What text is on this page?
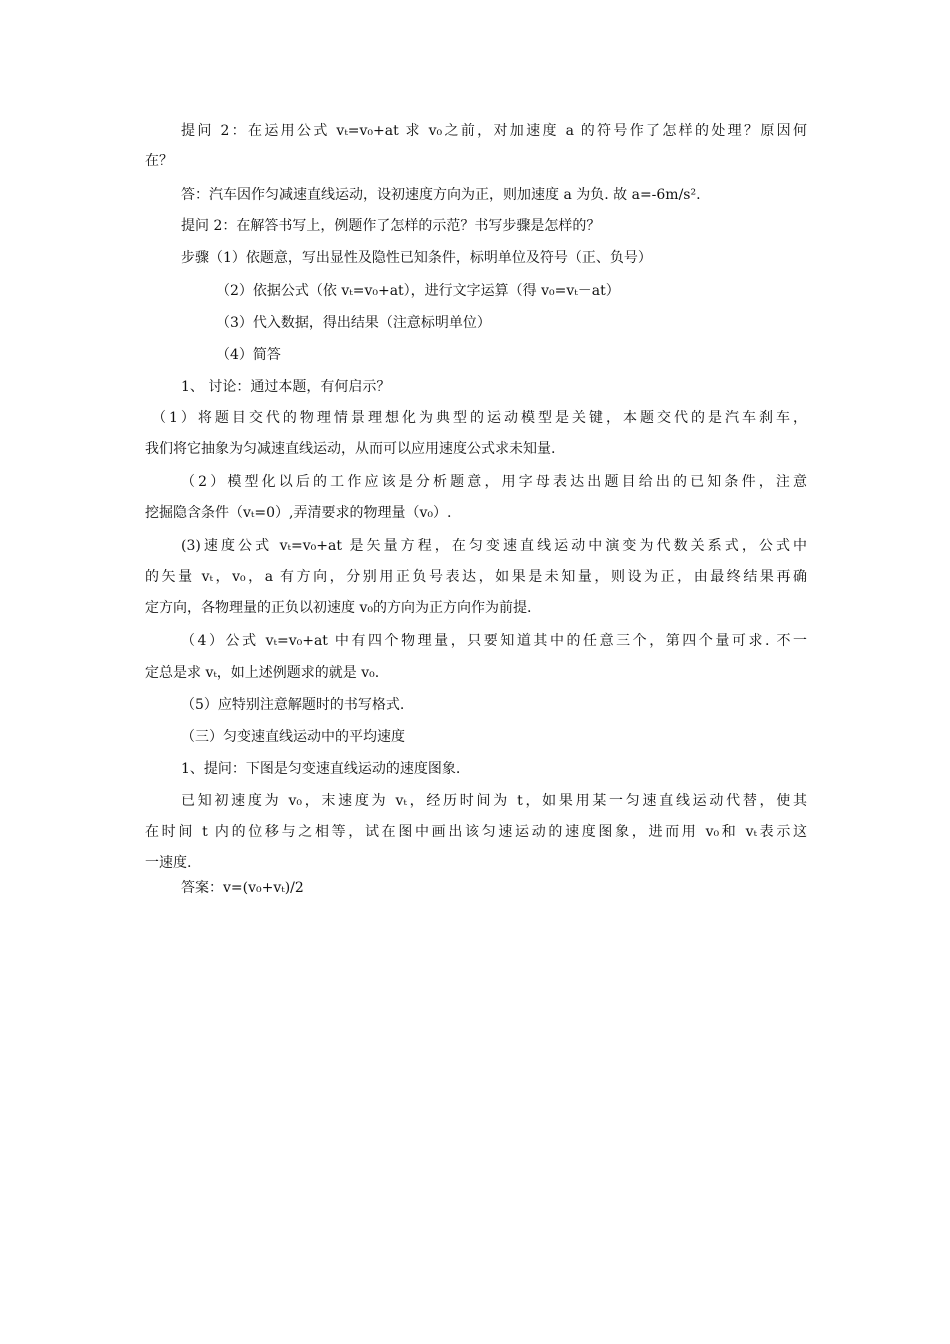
提问 2：在运用公式 vₜ=v₀+at 求 v₀之前，对加速度 a 的符号作了怎样的处理？原因何
在？
答：汽车因作匀减速直线运动，设初速度方向为正，则加速度 a 为负. 故 a=-6m/s².
提问 2：在解答书写上，例题作了怎样的示范？书写步骤是怎样的？
步骤（1）依题意，写出显性及隐性已知条件，标明单位及符号（正、负号）
（2）依据公式（依 vₜ=v₀+at），进行文字运算（得 v₀=vₜ－at）
（3）代入数据，得出结果（注意标明单位）
（4）简答
1、 讨论：通过本题，有何启示？
（1）将题目交代的物理情景理想化为典型的运动模型是关键，本题交代的是汽车刹车，
我们将它抽象为匀减速直线运动，从而可以应用速度公式求未知量.
（2）模型化以后的工作应该是分析题意，用字母表达出题目给出的已知条件，注意
挖掘隐含条件（vₜ=0）,弄清要求的物理量（v₀）.
(3)速度公式 vₜ=v₀+at 是矢量方程，在匀变速直线运动中演变为代数关系式，公式中
的矢量 vₜ，v₀，a 有方向，分别用正负号表达，如果是未知量，则设为正，由最终结果再确
定方向，各物理量的正负以初速度 v₀的方向为正方向作为前提.
（4）公式 vₜ=v₀+at 中有四个物理量，只要知道其中的任意三个，第四个量可求. 不一
定总是求 vₜ，如上述例题求的就是 v₀.
（5）应特别注意解题时的书写格式.
（三）匀变速直线运动中的平均速度
1、提问：下图是匀变速直线运动的速度图象.
已知初速度为 v₀，末速度为 vₜ，经历时间为 t，如果用某一匀速直线运动代替，使其
在时间 t 内的位移与之相等，试在图中画出该匀速运动的速度图象，进而用 v₀和 vₜ表示这
一速度.
答案：v=(v₀+vₜ)/2
